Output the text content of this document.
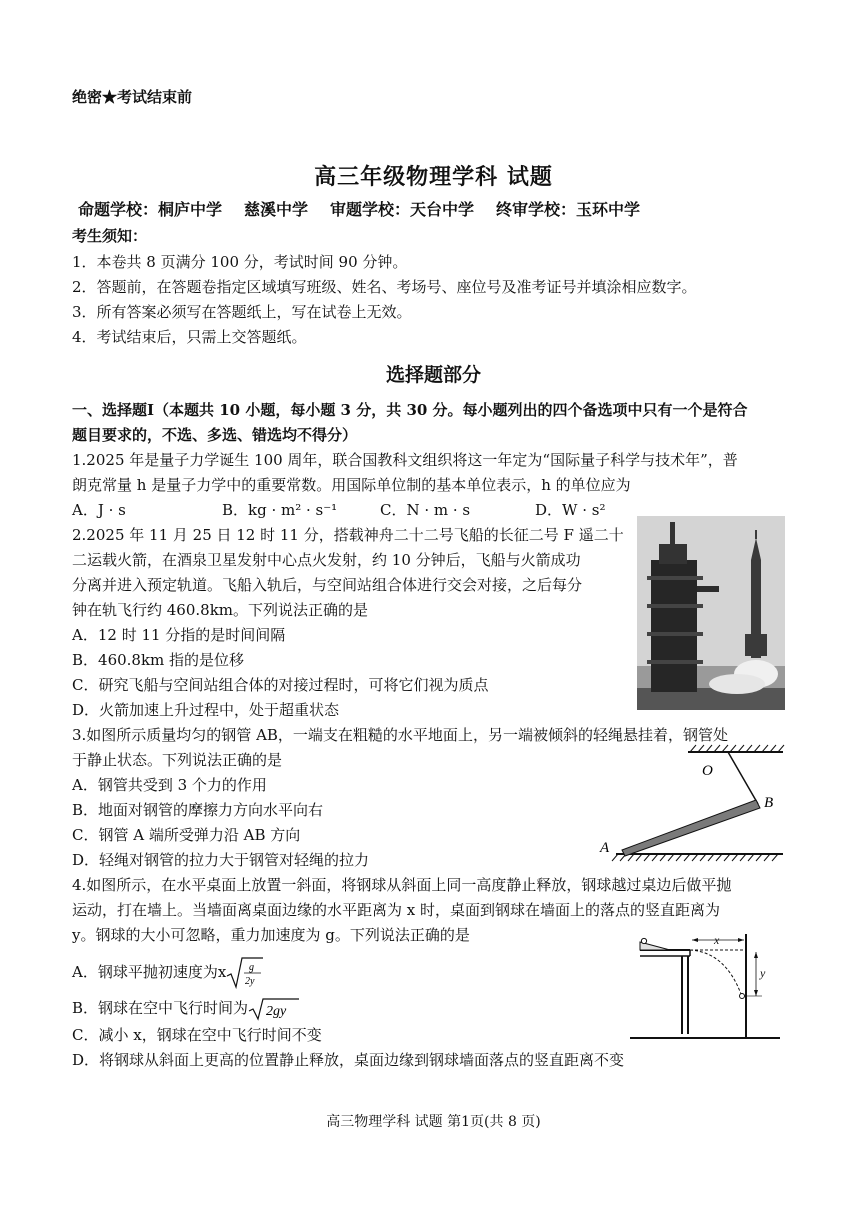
绝密★考试结束前
高三年级物理学科 试题
命题学校：桐庐中学 慈溪中学 审题学校：天台中学 终审学校：玉环中学
考生须知：
1．本卷共 8 页满分 100 分，考试时间 90 分钟。
2．答题前，在答题卷指定区域填写班级、姓名、考场号、座位号及准考证号并填涂相应数字。
3．所有答案必须写在答题纸上，写在试卷上无效。
4．考试结束后，只需上交答题纸。
选择题部分
一、选择题Ⅰ（本题共 10 小题，每小题 3 分，共 30 分。每小题列出的四个备选项中只有一个是符合
题目要求的，不选、多选、错选均不得分）
1.2025 年是量子力学诞生 100 周年，联合国教科文组织将这一年定为“国际量子科学与技术年”，普
朗克常量 h 是量子力学中的重要常数。用国际单位制的基本单位表示，h 的单位应为
A．J · s	B．kg · m² · s⁻¹	C．N · m · s	D．W · s²
2.2025 年 11 月 25 日 12 时 11 分，搭载神舟二十二号飞船的长征二号 F 遥二十
二运载火箭，在酒泉卫星发射中心点火发射，约 10 分钟后，飞船与火箭成功
分离并进入预定轨道。飞船入轨后，与空间站组合体进行交会对接，之后每分
钟在轨飞行约 460.8km。下列说法正确的是
A．12 时 11 分指的是时间间隔
B．460.8km 指的是位移
C．研究飞船与空间站组合体的对接过程时，可将它们视为质点
D．火箭加速上升过程中，处于超重状态
3.如图所示质量均匀的钢管 AB，一端支在粗糙的水平地面上，另一端被倾斜的轻绳悬挂着，钢管处
于静止状态。下列说法正确的是
A．钢管共受到 3 个力的作用
B．地面对钢管的摩擦力方向水平向右
C．钢管 A 端所受弹力沿 AB 方向
D．轻绳对钢管的拉力大于钢管对轻绳的拉力
O
B
A
4.如图所示，在水平桌面上放置一斜面，将钢球从斜面上同一高度静止释放，钢球越过桌边后做平抛
运动，打在墙上。当墙面离桌面边缘的水平距离为 x 时，桌面到钢球在墙面上的落点的竖直距离为
y。钢球的大小可忽略，重力加速度为 g。下列说法正确的是
A．钢球平抛初速度为x g
2y
B．钢球在空中飞行时间为 2gy
C．减小 x，钢球在空中飞行时间不变
D．将钢球从斜面上更高的位置静止释放，桌面边缘到钢球墙面落点的竖直距离不变
x
y
高三物理学科 试题 第1页(共 8 页)
